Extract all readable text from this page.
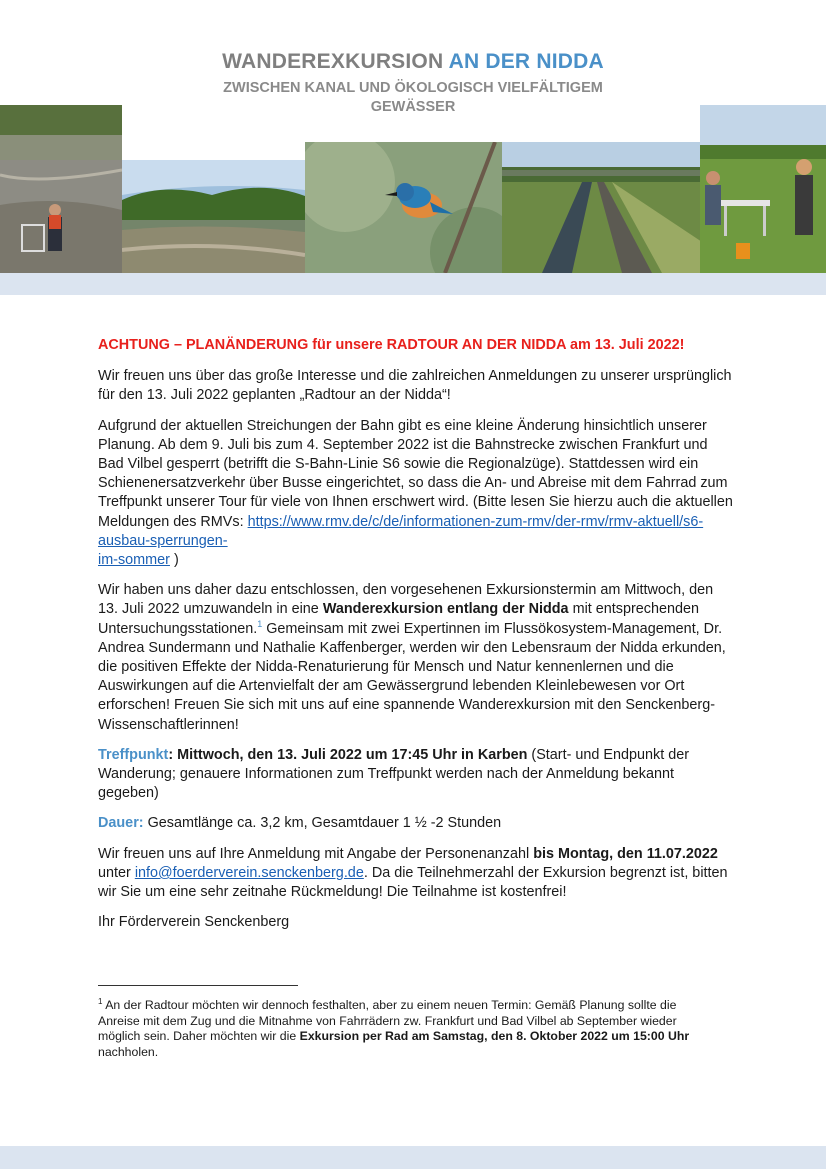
WANDEREXKURSION AN DER NIDDA
ZWISCHEN KANAL UND ÖKOLOGISCH VIELFÄLTIGEM
GEWÄSSER

ACHTUNG – PLANÄNDERUNG für unsere RADTOUR AN DER NIDDA am 13. Juli 2022!

Wir freuen uns über das große Interesse und die zahlreichen Anmeldungen zu unserer ursprünglich für den 13. Juli 2022 geplanten „Radtour an der Nidda“!

Aufgrund der aktuellen Streichungen der Bahn gibt es eine kleine Änderung hinsichtlich unserer Planung. Ab dem 9. Juli bis zum 4. September 2022 ist die Bahnstrecke zwischen Frankfurt und Bad Vilbel gesperrt (betrifft die S-Bahn-Linie S6 sowie die Regionalzüge). Stattdessen wird ein Schienenersatzverkehr über Busse eingerichtet, so dass die An- und Abreise mit dem Fahrrad zum Treffpunkt unserer Tour für viele von Ihnen erschwert wird. (Bitte lesen Sie hierzu auch die aktuellen Meldungen des RMVs: https://www.rmv.de/c/de/informationen-zum-rmv/der-rmv/rmv-aktuell/s6-ausbau-sperrungen-
im-sommer )

Wir haben uns daher dazu entschlossen, den vorgesehenen Exkursionstermin am Mittwoch, den 13. Juli 2022 umzuwandeln in eine Wanderexkursion entlang der Nidda mit entsprechenden Untersuchungsstationen.$^1$ Gemeinsam mit zwei Expertinnen im Flussökosystem-Management, Dr. Andrea Sundermann und Nathalie Kaffenberger, werden wir den Lebensraum der Nidda erkunden, die positiven Effekte der Nidda-Renaturierung für Mensch und Natur kennenlernen und die Auswirkungen auf die Artenvielfalt der am Gewässergrund lebenden Kleinlebewesen vor Ort erforschen! Freuen Sie sich mit uns auf eine spannende Wanderexkursion mit den Senckenberg-Wissenschaftlerinnen!

Treffpunkt: Mittwoch, den 13. Juli 2022 um 17:45 Uhr in Karben (Start- und Endpunkt der Wanderung; genauere Informationen zum Treffpunkt werden nach der Anmeldung bekannt gegeben)

Dauer: Gesamtlänge ca. 3,2 km, Gesamtdauer 1 ½ -2 Stunden

Wir freuen uns auf Ihre Anmeldung mit Angabe der Personenanzahl bis Montag, den 11.07.2022 unter info@foerderverein.senckenberg.de. Da die Teilnehmerzahl der Exkursion begrenzt ist, bitten wir Sie um eine sehr zeitnahe Rückmeldung! Die Teilnahme ist kostenfrei!

Ihr Förderverein Senckenberg

$^1$ An der Radtour möchten wir dennoch festhalten, aber zu einem neuen Termin: Gemäß Planung sollte die Anreise mit dem Zug und die Mitnahme von Fahrrädern zw. Frankfurt und Bad Vilbel ab September wieder möglich sein. Daher möchten wir die Exkursion per Rad am Samstag, den 8. Oktober 2022 um 15:00 Uhr nachholen.
